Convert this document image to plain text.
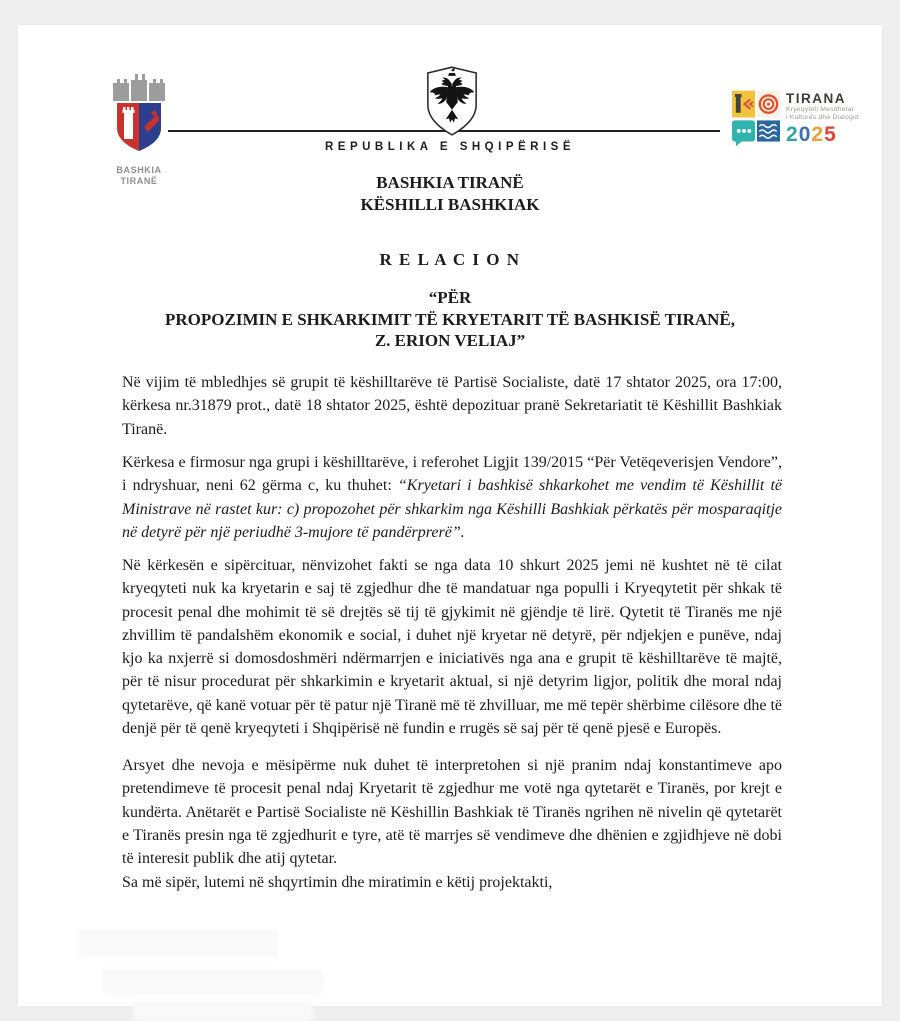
BASHKIA
TIRANË
REPUBLIKA E SHQIPËRISË
TIRANA
Kryeqyteti Mesdhetar
i Kulturës dhe Dialogut
2025
BASHKIA TIRANË
KËSHILLI BASHKIAK
R E L A C I O N
“PËR
PROPOZIMIN E SHKARKIMIT TË KRYETARIT TË BASHKISË TIRANË,
Z. ERION VELIAJ”

Në vijim të mbledhjes së grupit të këshilltarëve të Partisë Socialiste, datë 17 shtator 2025, ora 17:00, kërkesa nr.31879 prot., datë 18 shtator 2025, është depozituar pranë Sekretariatit të Këshillit Bashkiak Tiranë.

Kërkesa e firmosur nga grupi i këshilltarëve, i referohet Ligjit 139/2015 “Për Vetëqeverisjen Vendore”, i ndryshuar, neni 62 gërma c, ku thuhet: “Kryetari i bashkisë shkarkohet me vendim të Këshillit të Ministrave në rastet kur: c) propozohet për shkarkim nga Këshilli Bashkiak përkatës për mosparaqitje në detyrë për një periudhë 3-mujore të pandërprerë”.

Në kërkesën e sipërcituar, nënvizohet fakti se nga data 10 shkurt 2025 jemi në kushtet në të cilat kryeqyteti nuk ka kryetarin e saj të zgjedhur dhe të mandatuar nga populli i Kryeqytetit për shkak të procesit penal dhe mohimit të së drejtës së tij të gjykimit në gjëndje të lirë. Qytetit të Tiranës me një zhvillim të pandalshëm ekonomik e social, i duhet një kryetar në detyrë, për ndjekjen e punëve, ndaj kjo ka nxjerrë si domosdoshmëri ndërmarrjen e iniciativës nga ana e grupit të këshilltarëve të majtë, për të nisur procedurat për shkarkimin e kryetarit aktual, si një detyrim ligjor, politik dhe moral ndaj qytetarëve, që kanë votuar për të patur një Tiranë më të zhvilluar, me më tepër shërbime cilësore dhe të denjë për të qenë kryeqyteti i Shqipërisë në fundin e rrugës së saj për të qenë pjesë e Europës.

Arsyet dhe nevoja e mësipërme nuk duhet të interpretohen si një pranim ndaj konstantimeve apo pretendimeve të procesit penal ndaj Kryetarit të zgjedhur me votë nga qytetarët e Tiranës, por krejt e kundërta. Anëtarët e Partisë Socialiste në Këshillin Bashkiak të Tiranës ngrihen në nivelin që qytetarët e Tiranës presin nga të zgjedhurit e tyre, atë të marrjes së vendimeve dhe dhënien e zgjidhjeve në dobi të interesit publik dhe atij qytetar.

Sa më sipër, lutemi në shqyrtimin dhe miratimin e këtij projektakti,
